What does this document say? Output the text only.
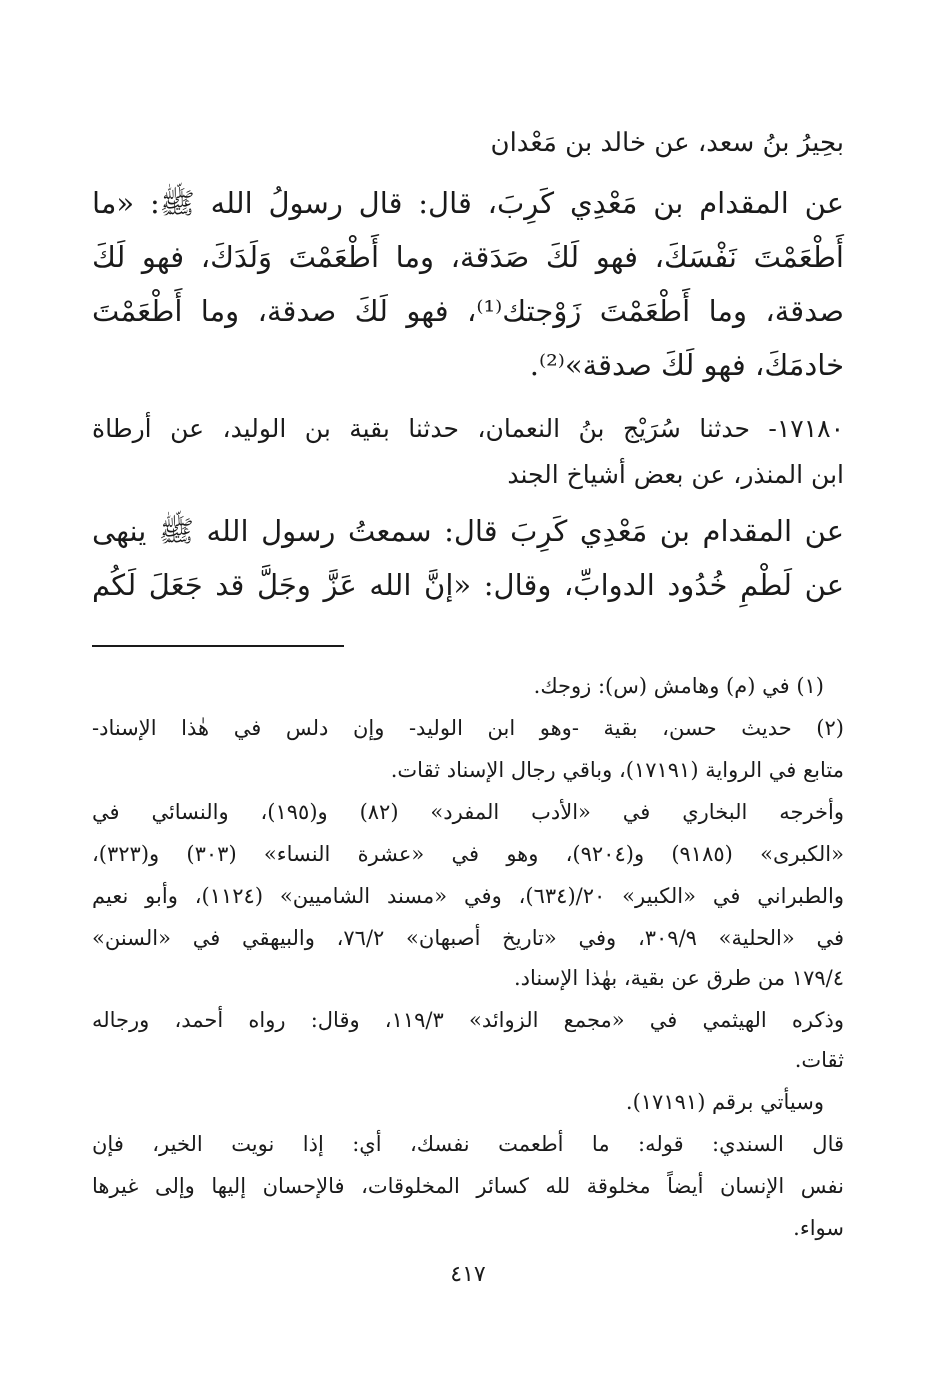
بحِيرُ بنُ سعد، عن خالد بن مَعْدان
عن المقدام بن مَعْدِي كَرِبَ، قال: قال رسولُ الله ﷺ: «ما
أَطْعَمْتَ نَفْسَكَ، فهو لَكَ صَدَقة، وما أَطْعَمْتَ وَلَدَكَ، فهو لَكَ
صدقة، وما أَطْعَمْتَ زَوْجتك⁽¹⁾، فهو لَكَ صدقة، وما أَطْعَمْتَ
خادمَكَ، فهو لَكَ صدقة»⁽²⁾.
١٧١٨٠- حدثنا سُرَيْج بنُ النعمان، حدثنا بقية بن الوليد، عن أرطاة
ابن المنذر، عن بعض أشياخ الجند
عن المقدام بن مَعْدِي كَرِبَ قال: سمعتُ رسول الله ﷺ ينهى
عن لَطْمِ خُدُود الدوابِّ، وقال: «إنَّ الله عَزَّ وجَلَّ قد جَعَلَ لَكُم
(١) في (م) وهامش (س): زوجك.
(٢) حديث حسن، بقية -وهو ابن الوليد- وإن دلس في هٰذا الإسناد-
متابع في الرواية (١٧١٩١)، وباقي رجال الإسناد ثقات.
وأخرجه البخاري في «الأدب المفرد» (٨٢) و(١٩٥)، والنسائي في
«الكبرى» (٩١٨٥) و(٩٢٠٤)، وهو في «عشرة النساء» (٣٠٣) و(٣٢٣)،
والطبراني في «الكبير» ٢٠/(٦٣٤)، وفي «مسند الشاميين» (١١٢٤)، وأبو نعيم
في «الحلية» ٣٠٩/٩، وفي «تاريخ أصبهان» ٧٦/٢، والبيهقي في «السنن»
١٧٩/٤ من طرق عن بقية، بهٰذا الإسناد.
وذكره الهيثمي في «مجمع الزوائد» ١١٩/٣، وقال: رواه أحمد، ورجاله
ثقات.
وسيأتي برقم (١٧١٩١).
قال السندي: قوله: ما أطعمت نفسك، أي: إذا نويت الخير، فإن
نفس الإنسان أيضاً مخلوقة لله كسائر المخلوقات، فالإحسان إليها وإلى غيرها
سواء.
٤١٧
